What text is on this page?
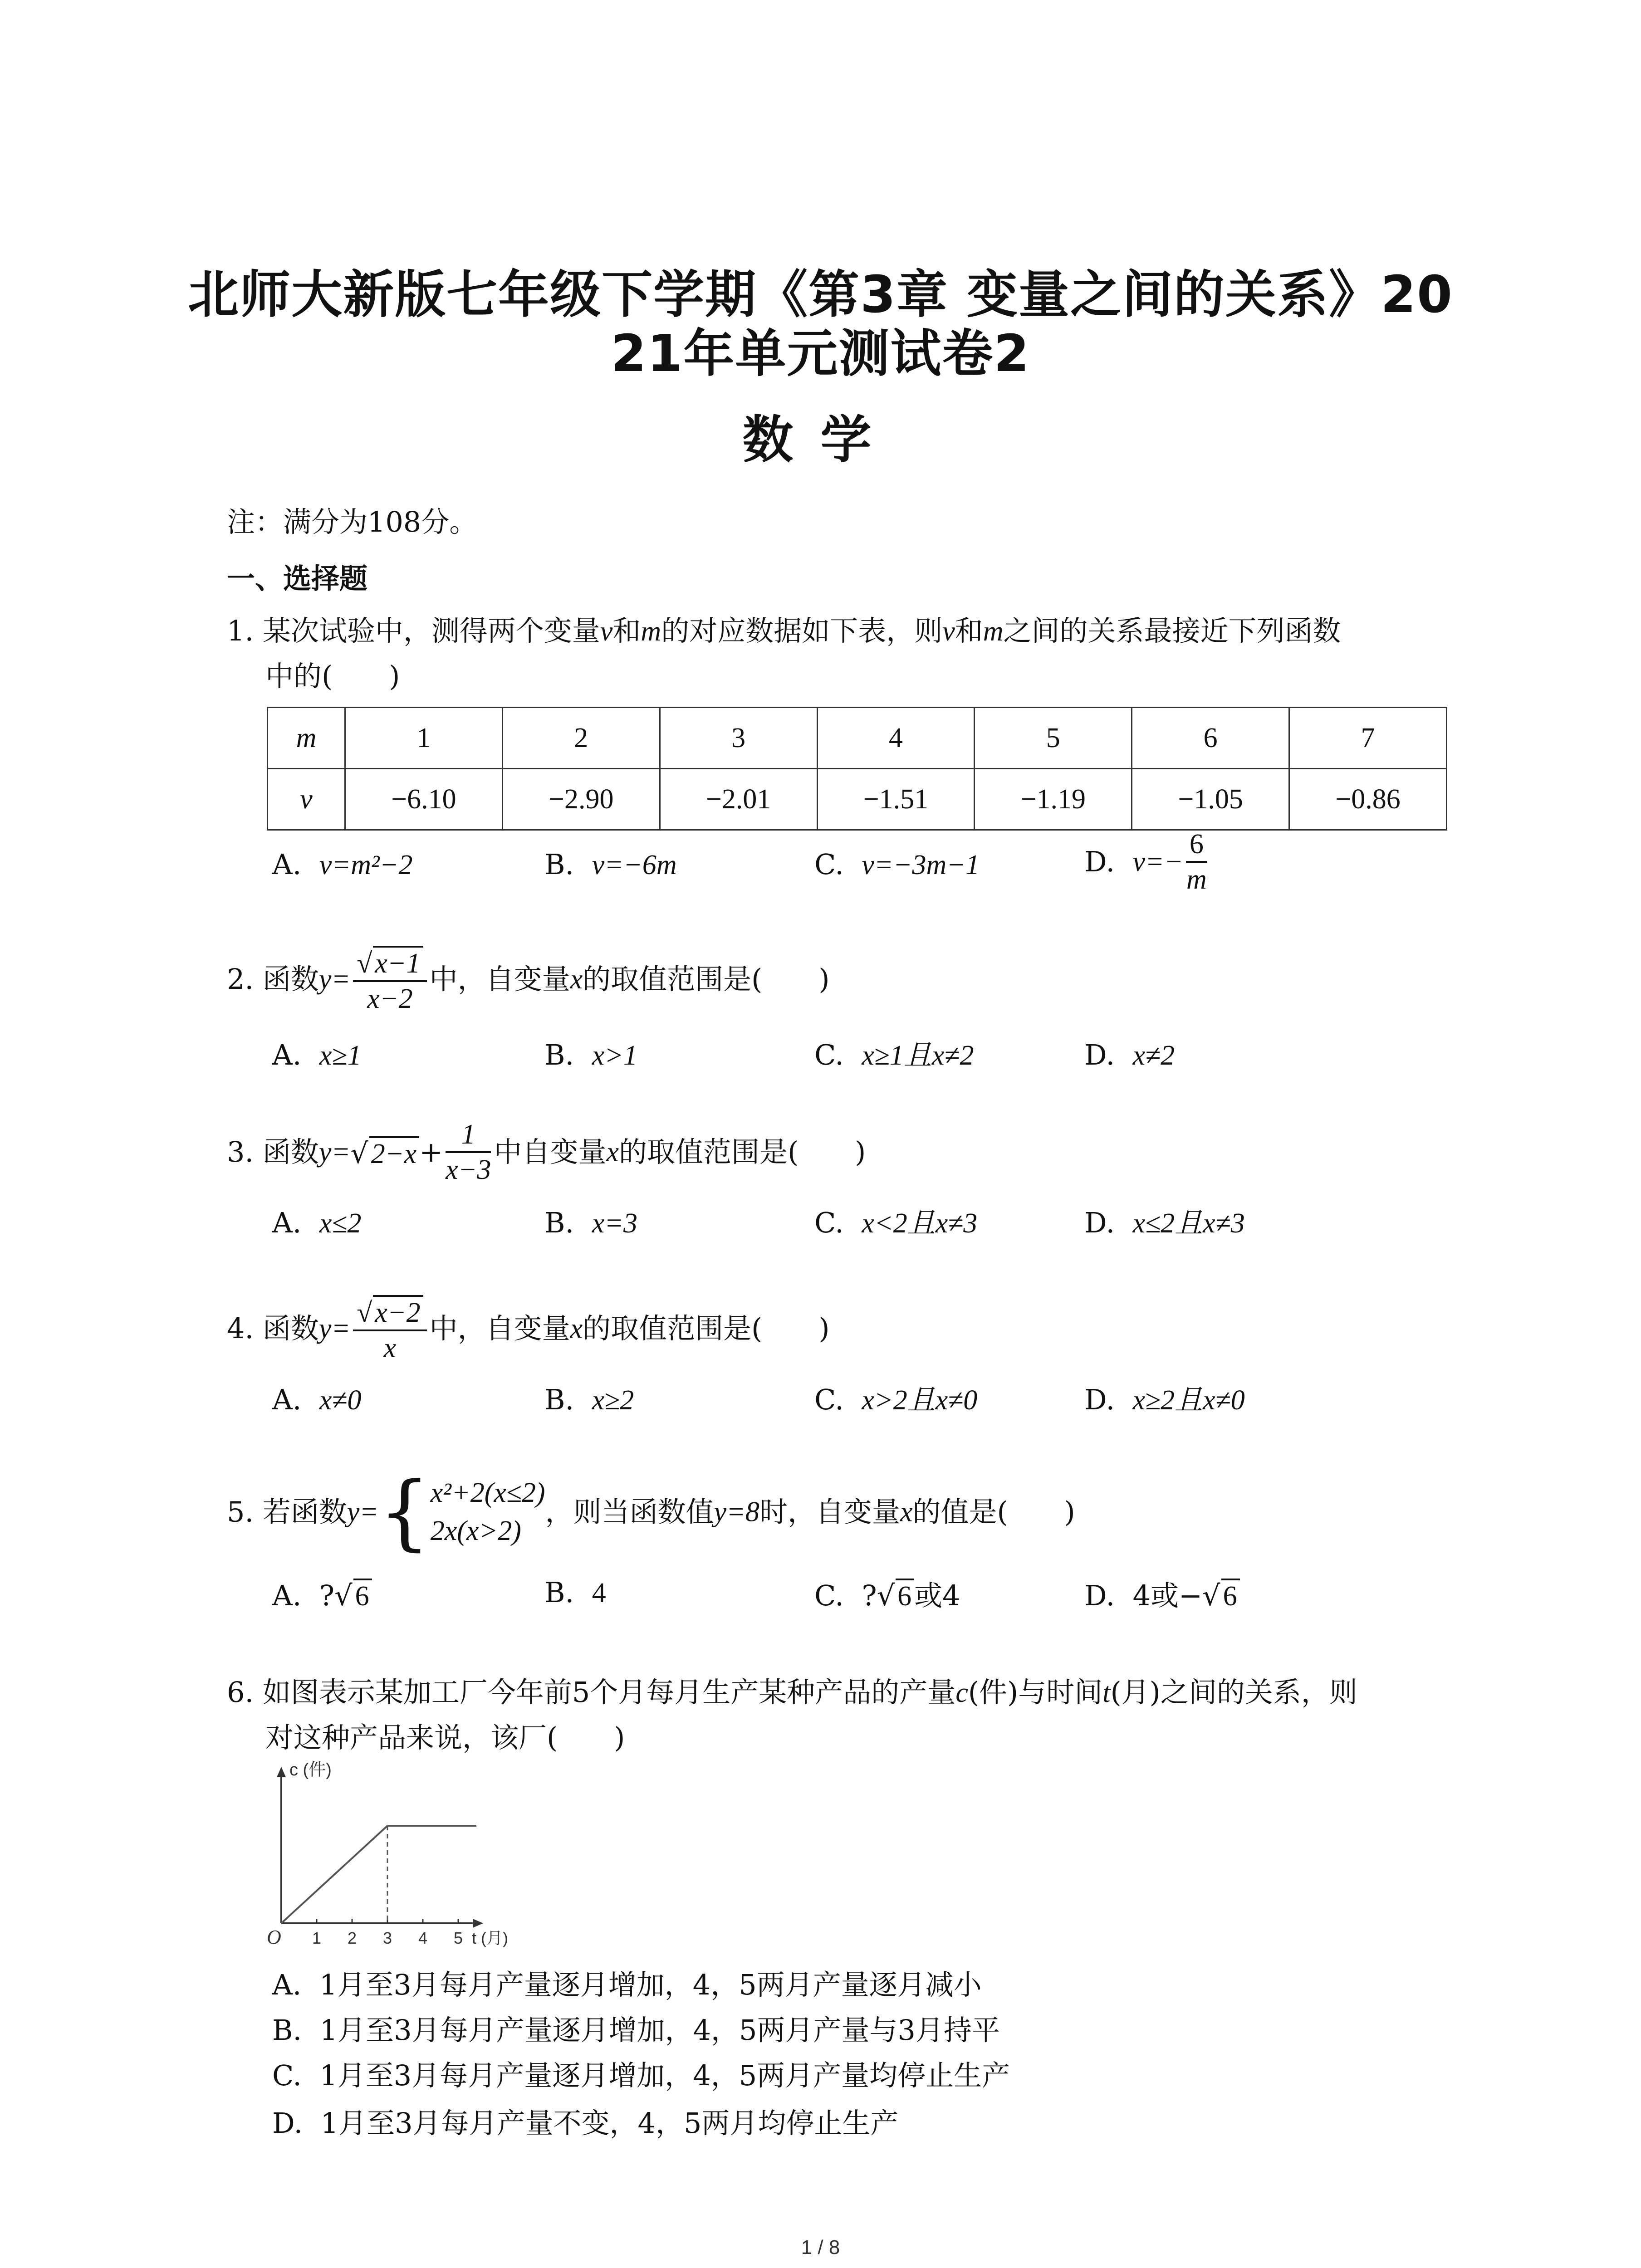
北师大新版七年级下学期《第3章 变量之间的关系》20
21年单元测试卷2
数学
注：满分为108分。
一、选择题
1. 某次试验中，测得两个变量v和m的对应数据如下表，则v和m之间的关系最接近下列函数
中的(　　)
m	1	2	3	4	5	6	7
v	−6.10	−2.90	−2.01	−1.51	−1.19	−1.05	−0.86
A. v=m²−2	B. v=−6m	C. v=−3m−1	D. $v=- \frac{6}{m}$
2. 函数$y= \frac{√x-1}{x-2}$ 中，自变量x的取值范围是(　　)
A. x≥1	B. x>1	C. x≥1且x≠2	D. x≠2
3. 函数$y=√2-x+ \frac{1}{x-3}$ 中自变量x的取值范围是(　　)
A. x≤2	B. x=3	C. x<2且x≠3	D. x≤2且x≠3
4. 函数$y= \frac{√x-2}{x}$ 中，自变量x的取值范围是(　　)
A. x≠0	B. x≥2	C. x>2且x≠0	D. x≥2且x≠0
5. 若函数y={x²+2(x≤2)
2x(x>2)，则当函数值y=8时，自变量x的值是(　　)
A. ?√6	B. 4	C. ?√6或4	D. 4或−√6
6. 如图表示某加工厂今年前5个月每月生产某种产品的产量c(件)与时间t(月)之间的关系，则
对这种产品来说，该厂(　　)
c (件)
O 1 2 3 4 5 t (月)
A. 1月至3月每月产量逐月增加，4，5两月产量逐月减小
B. 1月至3月每月产量逐月增加，4，5两月产量与3月持平
C. 1月至3月每月产量逐月增加，4，5两月产量均停止生产
D. 1月至3月每月产量不变，4，5两月均停止生产
1 / 8
